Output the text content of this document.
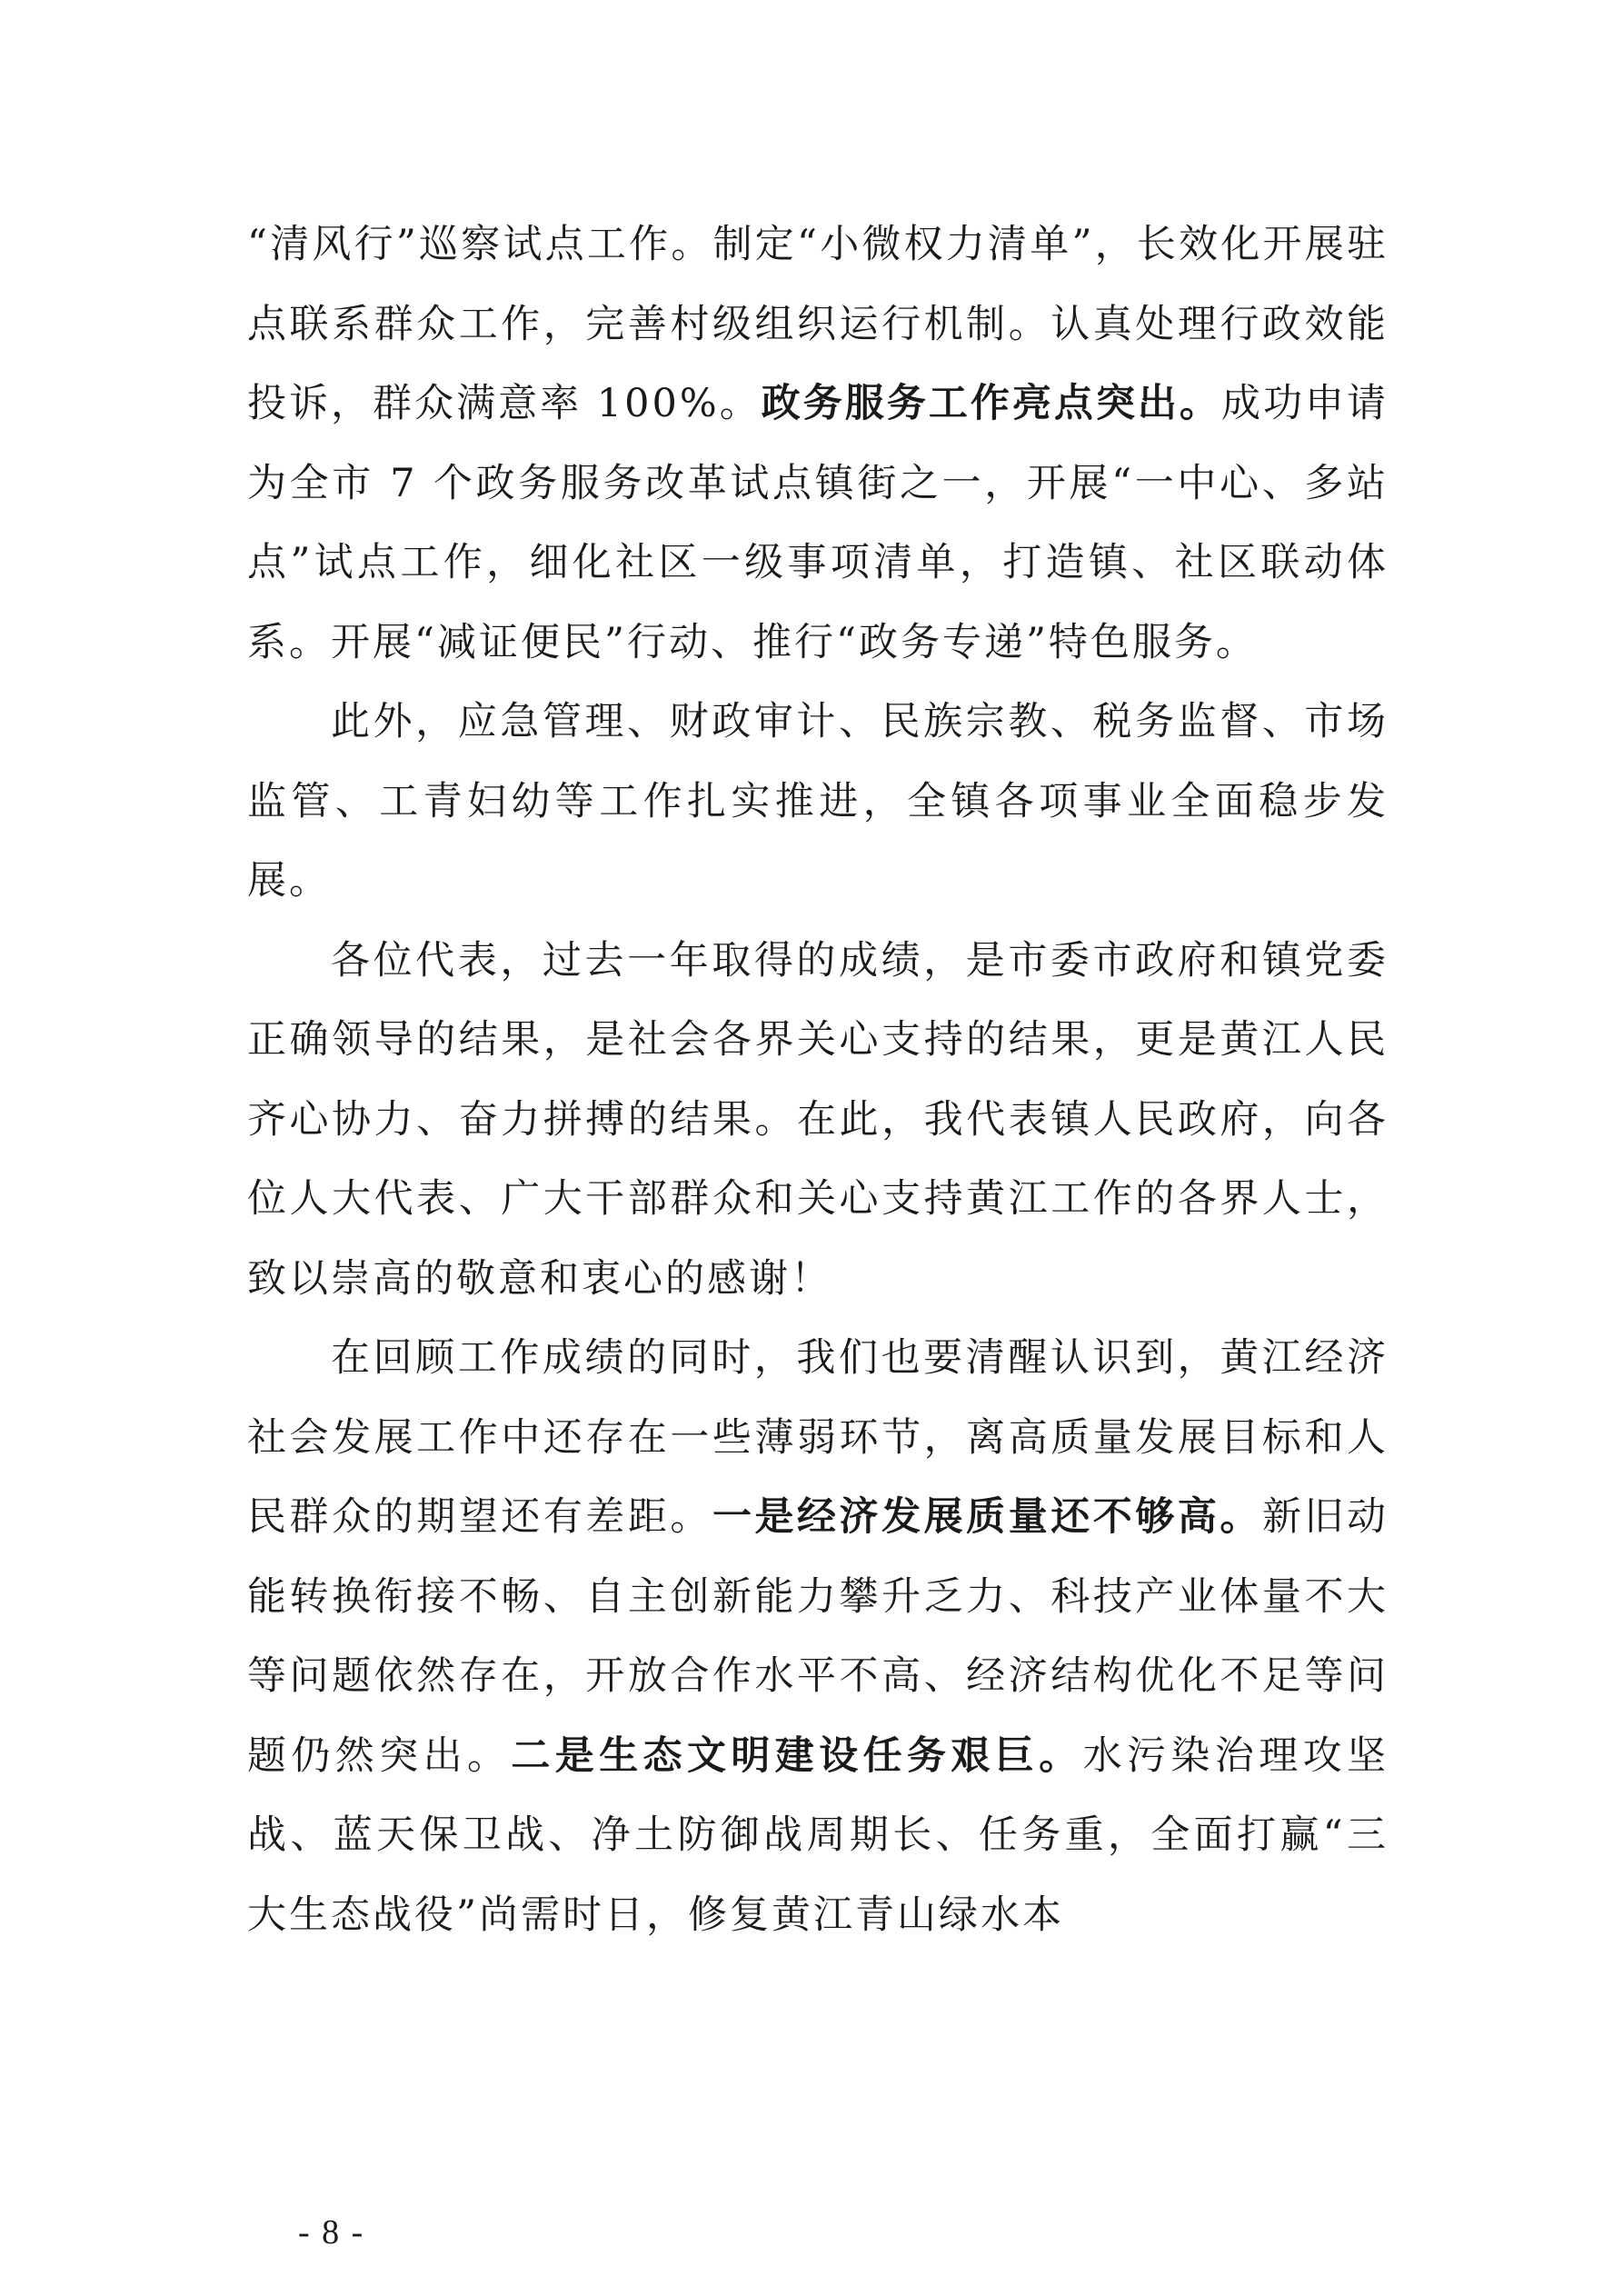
“清风行”巡察试点工作。制定“小微权力清单”，长效化开展驻点联系群众工作，完善村级组织运行机制。认真处理行政效能投诉，群众满意率 100%。政务服务工作亮点突出。成功申请为全市 7 个政务服务改革试点镇街之一，开展“一中心、多站点”试点工作，细化社区一级事项清单，打造镇、社区联动体系。开展“减证便民”行动、推行“政务专递”特色服务。

此外，应急管理、财政审计、民族宗教、税务监督、市场监管、工青妇幼等工作扎实推进，全镇各项事业全面稳步发展。

各位代表，过去一年取得的成绩，是市委市政府和镇党委正确领导的结果，是社会各界关心支持的结果，更是黄江人民齐心协力、奋力拼搏的结果。在此，我代表镇人民政府，向各位人大代表、广大干部群众和关心支持黄江工作的各界人士，致以崇高的敬意和衷心的感谢！

在回顾工作成绩的同时，我们也要清醒认识到，黄江经济社会发展工作中还存在一些薄弱环节，离高质量发展目标和人民群众的期望还有差距。一是经济发展质量还不够高。新旧动能转换衔接不畅、自主创新能力攀升乏力、科技产业体量不大等问题依然存在，开放合作水平不高、经济结构优化不足等问题仍然突出。二是生态文明建设任务艰巨。水污染治理攻坚战、蓝天保卫战、净土防御战周期长、任务重，全面打赢“三大生态战役”尚需时日，修复黄江青山绿水本

- 8 -
